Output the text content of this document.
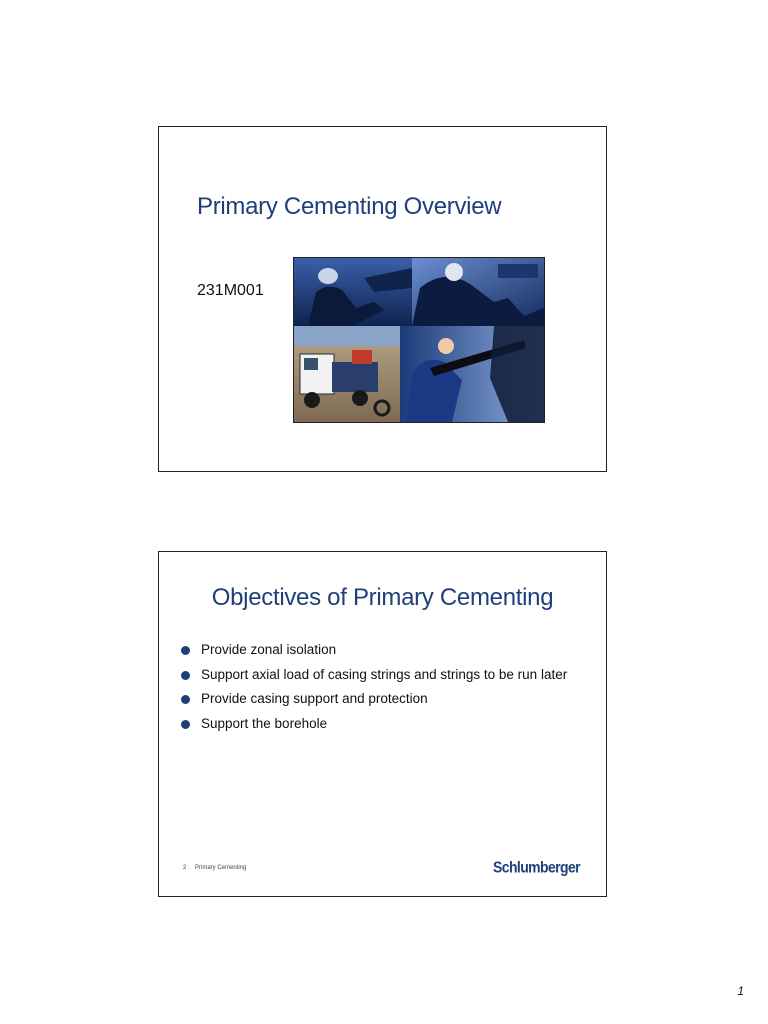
Primary Cementing Overview
231M001
Objectives of Primary Cementing
Provide zonal isolation
Support axial load of casing strings and strings to be run later
Provide casing support and protection
Support the borehole
2 Primary Cementing	Schlumberger
1
